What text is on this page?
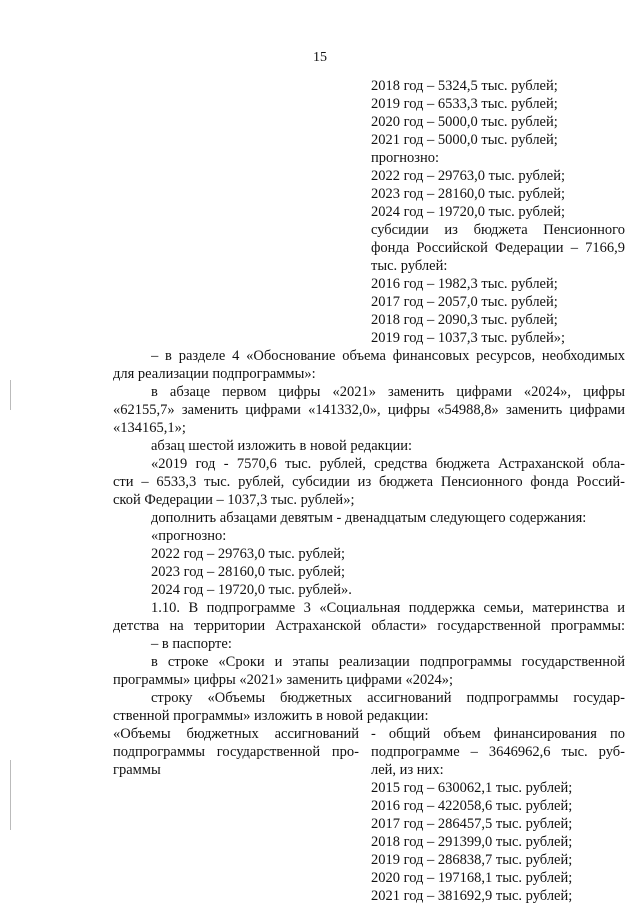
15
2018 год – 5324,5 тыс. рублей;
2019 год – 6533,3 тыс. рублей;
2020 год – 5000,0 тыс. рублей;
2021 год – 5000,0 тыс. рублей;
прогнозно:
2022 год – 29763,0 тыс. рублей;
2023 год – 28160,0 тыс. рублей;
2024 год – 19720,0 тыс. рублей;
субсидии из бюджета Пенсионного
фонда Российской Федерации – 7166,9
тыс. рублей:
2016 год – 1982,3 тыс. рублей;
2017 год – 2057,0 тыс. рублей;
2018 год – 2090,3 тыс. рублей;
2019 год – 1037,3 тыс. рублей»;
– в разделе 4 «Обоснование объема финансовых ресурсов, необходимых
для реализации подпрограммы»:
в абзаце первом цифры «2021» заменить цифрами «2024», цифры
«62155,7» заменить цифрами «141332,0», цифры «54988,8» заменить цифрами
«134165,1»;
абзац шестой изложить в новой редакции:
«2019 год - 7570,6 тыс. рублей, средства бюджета Астраханской обла-
сти – 6533,3 тыс. рублей, субсидии из бюджета Пенсионного фонда Россий-
ской Федерации – 1037,3 тыс. рублей»;
дополнить абзацами девятым - двенадцатым следующего содержания:
«прогнозно:
2022 год – 29763,0 тыс. рублей;
2023 год – 28160,0 тыс. рублей;
2024 год – 19720,0 тыс. рублей».
1.10. В подпрограмме 3 «Социальная поддержка семьи, материнства и
детства на территории Астраханской области» государственной программы:
– в паспорте:
в строке «Сроки и этапы реализации подпрограммы государственной
программы» цифры «2021» заменить цифрами «2024»;
строку «Объемы бюджетных ассигнований подпрограммы государ-
ственной программы» изложить в новой редакции:
«Объемы бюджетных ассигнований
подпрограммы государственной про-
граммы
- общий объем финансирования по
подпрограмме – 3646962,6 тыс. руб-
лей, из них:
2015 год – 630062,1 тыс. рублей;
2016 год – 422058,6 тыс. рублей;
2017 год – 286457,5 тыс. рублей;
2018 год – 291399,0 тыс. рублей;
2019 год – 286838,7 тыс. рублей;
2020 год – 197168,1 тыс. рублей;
2021 год – 381692,9 тыс. рублей;
